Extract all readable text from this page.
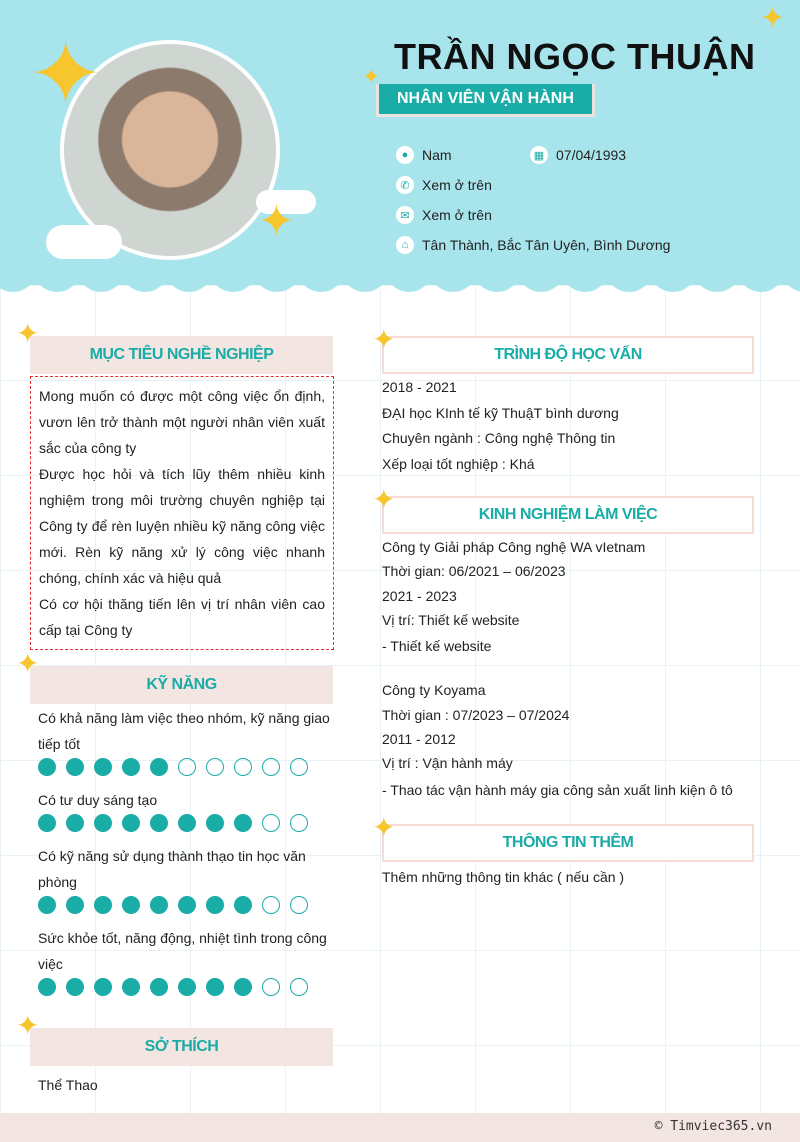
✦
✦
✦
✦ TRẦN NGỌC THUẬN
NHÂN VIÊN VẬN HÀNH
● Nam	▦ 07/04/1993
✆ Xem ở trên
✉ Xem ở trên
⌂ Tân Thành, Bắc Tân Uyên, Bình Dương
✦
MỤC TIÊU NGHỀ NGHIỆP

Mong muốn có được một công việc ổn định, vươn lên trở thành một người nhân viên xuất sắc của công ty

Được học hỏi và tích lũy thêm nhiều kinh nghiệm trong môi trường chuyên nghiệp tại Công ty để rèn luyện nhiều kỹ năng công việc mới. Rèn kỹ năng xử lý công việc nhanh chóng, chính xác và hiệu quả

Có cơ hội thăng tiến lên vị trí nhân viên cao cấp tại Công ty

✦
KỸ NĂNG
Có khả năng làm việc theo nhóm, kỹ năng giao tiếp tốt
Có tư duy sáng tạo
Có kỹ năng sử dụng thành thạo tin học văn phòng
Sức khỏe tốt, năng động, nhiệt tình trong công việc
✦
SỞ THÍCH
Thể Thao
✦	TRÌNH ĐỘ HỌC VẤN
2018 - 2021
ĐẠI học KInh tế kỹ ThuậT bình dương
Chuyên ngành : Công nghệ Thông tin
Xếp loại tốt nghiệp : Khá
✦	KINH NGHIỆM LÀM VIỆC
Công ty Giải pháp Công nghệ WA vIetnam
Thời gian: 06/2021 – 06/2023
2021 - 2023
Vị trí: Thiết kế website
- Thiết kế website
Công ty Koyama
Thời gian : 07/2023 – 07/2024
2011 - 2012
Vị trí : Vận hành máy
- Thao tác vận hành máy gia công sản xuất linh kiện ô tô
✦	THÔNG TIN THÊM
Thêm những thông tin khác ( nếu cần )
© Timviec365.vn
